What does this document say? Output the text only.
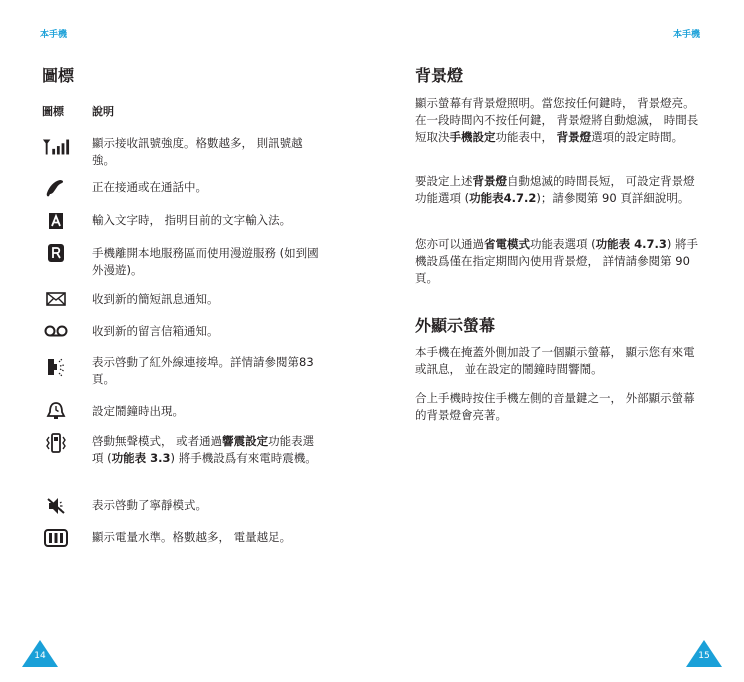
本手機	本手機
圖標
圖標	說明
顯示接收訊號強度。格數越多， 則訊號越強。
正在接通或在通話中。
輸入文字時， 指明目前的文字輸入法。
手機離開本地服務區而使用漫遊服務 (如到國外漫遊)。
收到新的簡短訊息通知。
收到新的留言信箱通知。
表示啓動了紅外線連接埠。詳情請參閱第83頁。
設定鬧鐘時出現。
啓動無聲模式， 或者通過響震設定功能表選項 (功能表 3.3) 將手機設爲有來電時震機。
表示啓動了寧靜模式。
顯示電量水準。格數越多， 電量越足。
背景燈

顯示螢幕有背景燈照明。當您按任何鍵時， 背景燈亮。在一段時間內不按任何鍵， 背景燈將自動熄滅， 時間長短取決手機設定功能表中， 背景燈選項的設定時間。

要設定上述背景燈自動熄滅的時間長短， 可設定背景燈功能選項 (功能表4.7.2)；請參閱第 90 頁詳細說明。

您亦可以通過省電模式功能表選項 (功能表 4.7.3) 將手機設爲僅在指定期間內使用背景燈， 詳情請參閱第 90 頁。

外顯示螢幕

本手機在掩蓋外側加設了一個顯示螢幕， 顯示您有來電或訊息， 並在設定的鬧鐘時間響鬧。

合上手機時按住手機左側的音量鍵之一， 外部顯示螢幕的背景燈會亮著。

14	15
